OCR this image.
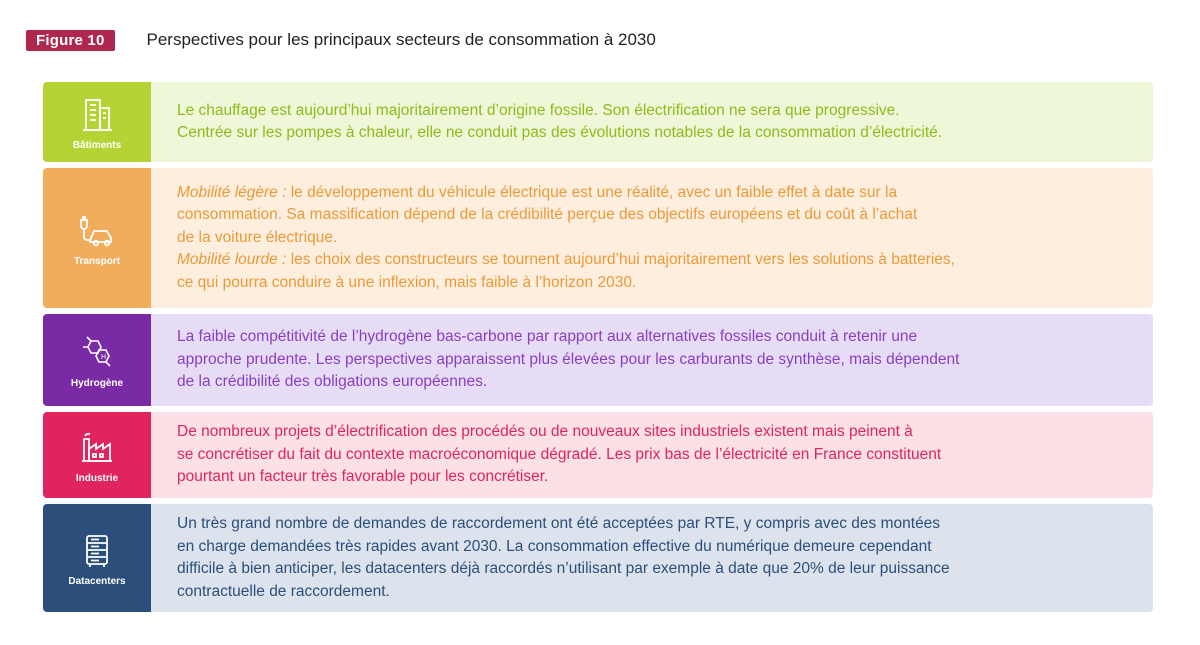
Figure 10	Perspectives pour les principaux secteurs de consommation à 2030
Bâtiments

Le chauffage est aujourd’hui majoritairement d’origine fossile. Son électrification ne sera que progressive.

Centrée sur les pompes à chaleur, elle ne conduit pas des évolutions notables de la consommation d’électricité.

Transport

Mobilité légère : le développement du véhicule électrique est une réalité, avec un faible effet à date sur la

consommation. Sa massification dépend de la crédibilité perçue des objectifs européens et du coût à l’achat

de la voiture électrique.

Mobilité lourde : les choix des constructeurs se tournent aujourd’hui majoritairement vers les solutions à batteries,

ce qui pourra conduire à une inflexion, mais faible à l’horizon 2030.

H
Hydrogène

La faible compétitivité de l’hydrogène bas-carbone par rapport aux alternatives fossiles conduit à retenir une

approche prudente. Les perspectives apparaissent plus élevées pour les carburants de synthèse, mais dépendent

de la crédibilité des obligations européennes.

Industrie

De nombreux projets d’électrification des procédés ou de nouveaux sites industriels existent mais peinent à

se concrétiser du fait du contexte macroéconomique dégradé. Les prix bas de l’électricité en France constituent

pourtant un facteur très favorable pour les concrétiser.

Datacenters

Un très grand nombre de demandes de raccordement ont été acceptées par RTE, y compris avec des montées

en charge demandées très rapides avant 2030. La consommation effective du numérique demeure cependant

difficile à bien anticiper, les datacenters déjà raccordés n’utilisant par exemple à date que 20% de leur puissance

contractuelle de raccordement.
